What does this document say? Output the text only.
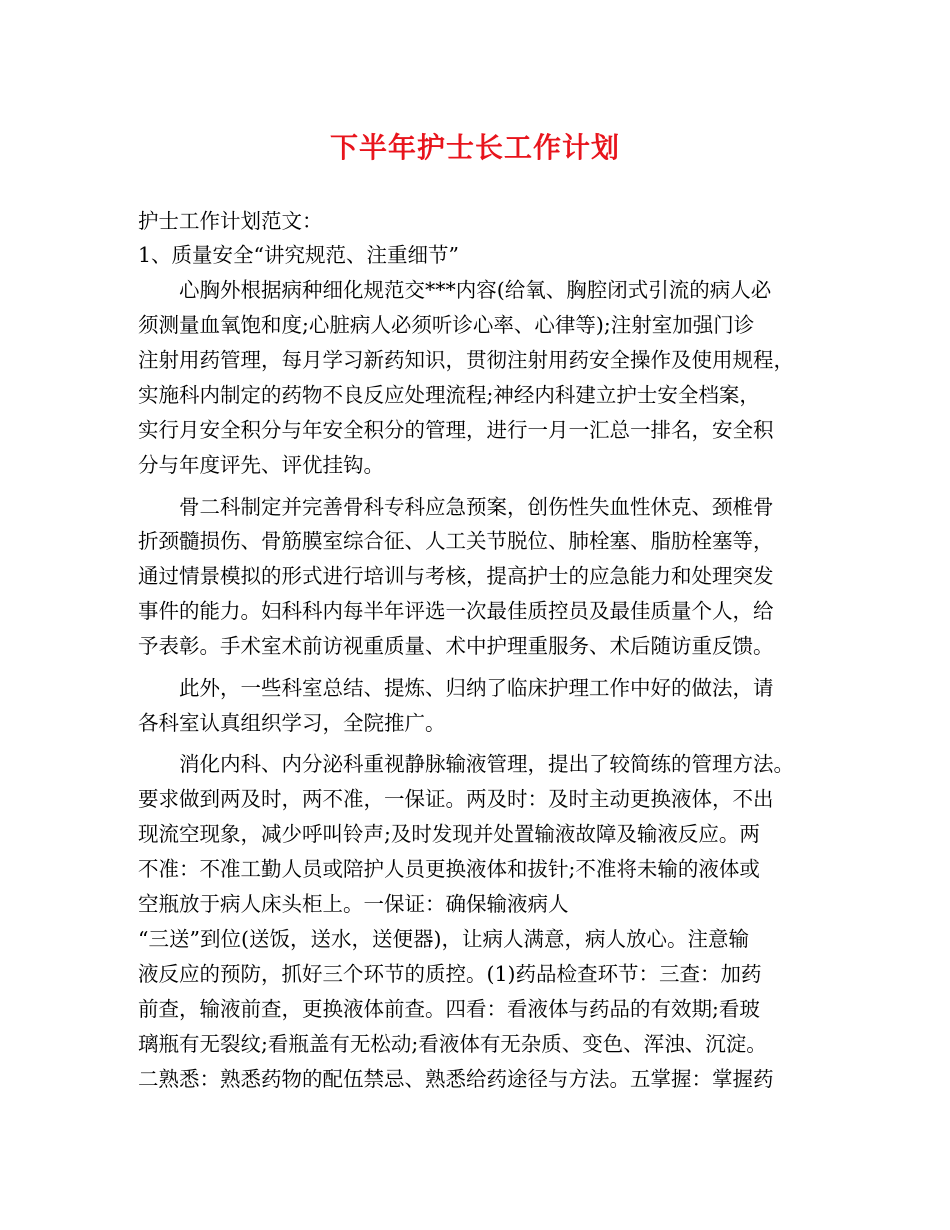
下半年护士长工作计划
护士工作计划范文：
1、质量安全“讲究规范、注重细节”
　　心胸外根据病种细化规范交***内容(给氧、胸腔闭式引流的病人必
须测量血氧饱和度;心脏病人必须听诊心率、心律等);注射室加强门诊
注射用药管理，每月学习新药知识，贯彻注射用药安全操作及使用规程，
实施科内制定的药物不良反应处理流程;神经内科建立护士安全档案，
实行月安全积分与年安全积分的管理，进行一月一汇总一排名，安全积
分与年度评先、评优挂钩。
　　骨二科制定并完善骨科专科应急预案，创伤性失血性休克、颈椎骨
折颈髓损伤、骨筋膜室综合征、人工关节脱位、肺栓塞、脂肪栓塞等，
通过情景模拟的形式进行培训与考核，提高护士的应急能力和处理突发
事件的能力。妇科科内每半年评选一次最佳质控员及最佳质量个人，给
予表彰。手术室术前访视重质量、术中护理重服务、术后随访重反馈。
　　此外，一些科室总结、提炼、归纳了临床护理工作中好的做法，请
各科室认真组织学习，全院推广。
　　消化内科、内分泌科重视静脉输液管理，提出了较简练的管理方法。
要求做到两及时，两不准，一保证。两及时：及时主动更换液体，不出
现流空现象，减少呼叫铃声;及时发现并处置输液故障及输液反应。两
不准：不准工勤人员或陪护人员更换液体和拔针;不准将未输的液体或
空瓶放于病人床头柜上。一保证：确保输液病人
“三送”到位(送饭，送水，送便器)，让病人满意，病人放心。注意输
液反应的预防，抓好三个环节的质控。(1)药品检查环节：三查：加药
前查，输液前查，更换液体前查。四看：看液体与药品的有效期;看玻
璃瓶有无裂纹;看瓶盖有无松动;看液体有无杂质、变色、浑浊、沉淀。
二熟悉：熟悉药物的配伍禁忌、熟悉给药途径与方法。五掌握：掌握药
